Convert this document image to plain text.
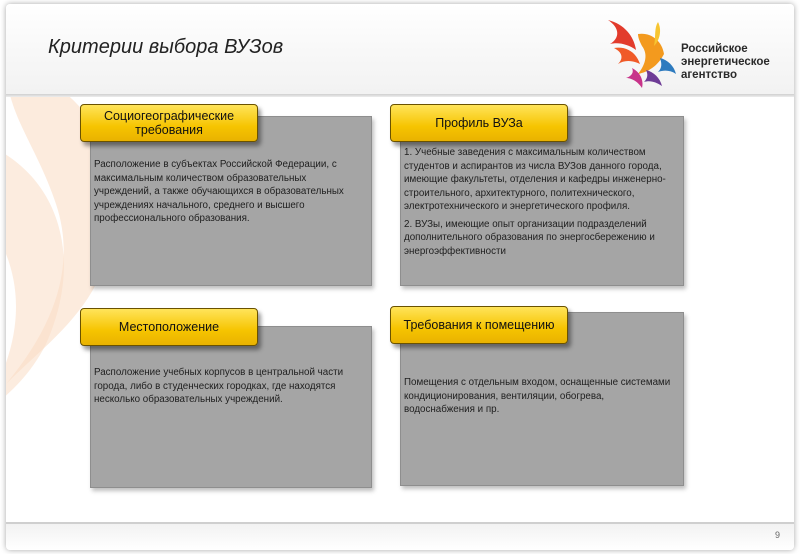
Критерии выбора ВУЗов	Российское
энергетическое
агентство

Расположение в субъектах Российской Федерации, с максимальным количеством образовательных учреждений, а также обучающихся в образовательных учреждениях начального, среднего и высшего профессионального образования.

Социогеографические требования

1. Учебные заведения с максимальным количеством студентов и аспирантов из числа ВУЗов данного города, имеющие факультеты, отделения и кафедры инженерно-строительного, архитектурного, политехнического, электротехнического и энергетического профиля.

2. ВУЗы, имеющие опыт организации подразделений дополнительного образования по энергосбережению и энергоэффективности

Профиль ВУЗа

Расположение учебных корпусов в центральной части города, либо в студенческих городках, где находятся несколько образовательных учреждений.

Местоположение

Помещения с отдельным входом, оснащенные системами кондиционирования, вентиляции, обогрева, водоснабжения и пр.

Требования к помещению
9
